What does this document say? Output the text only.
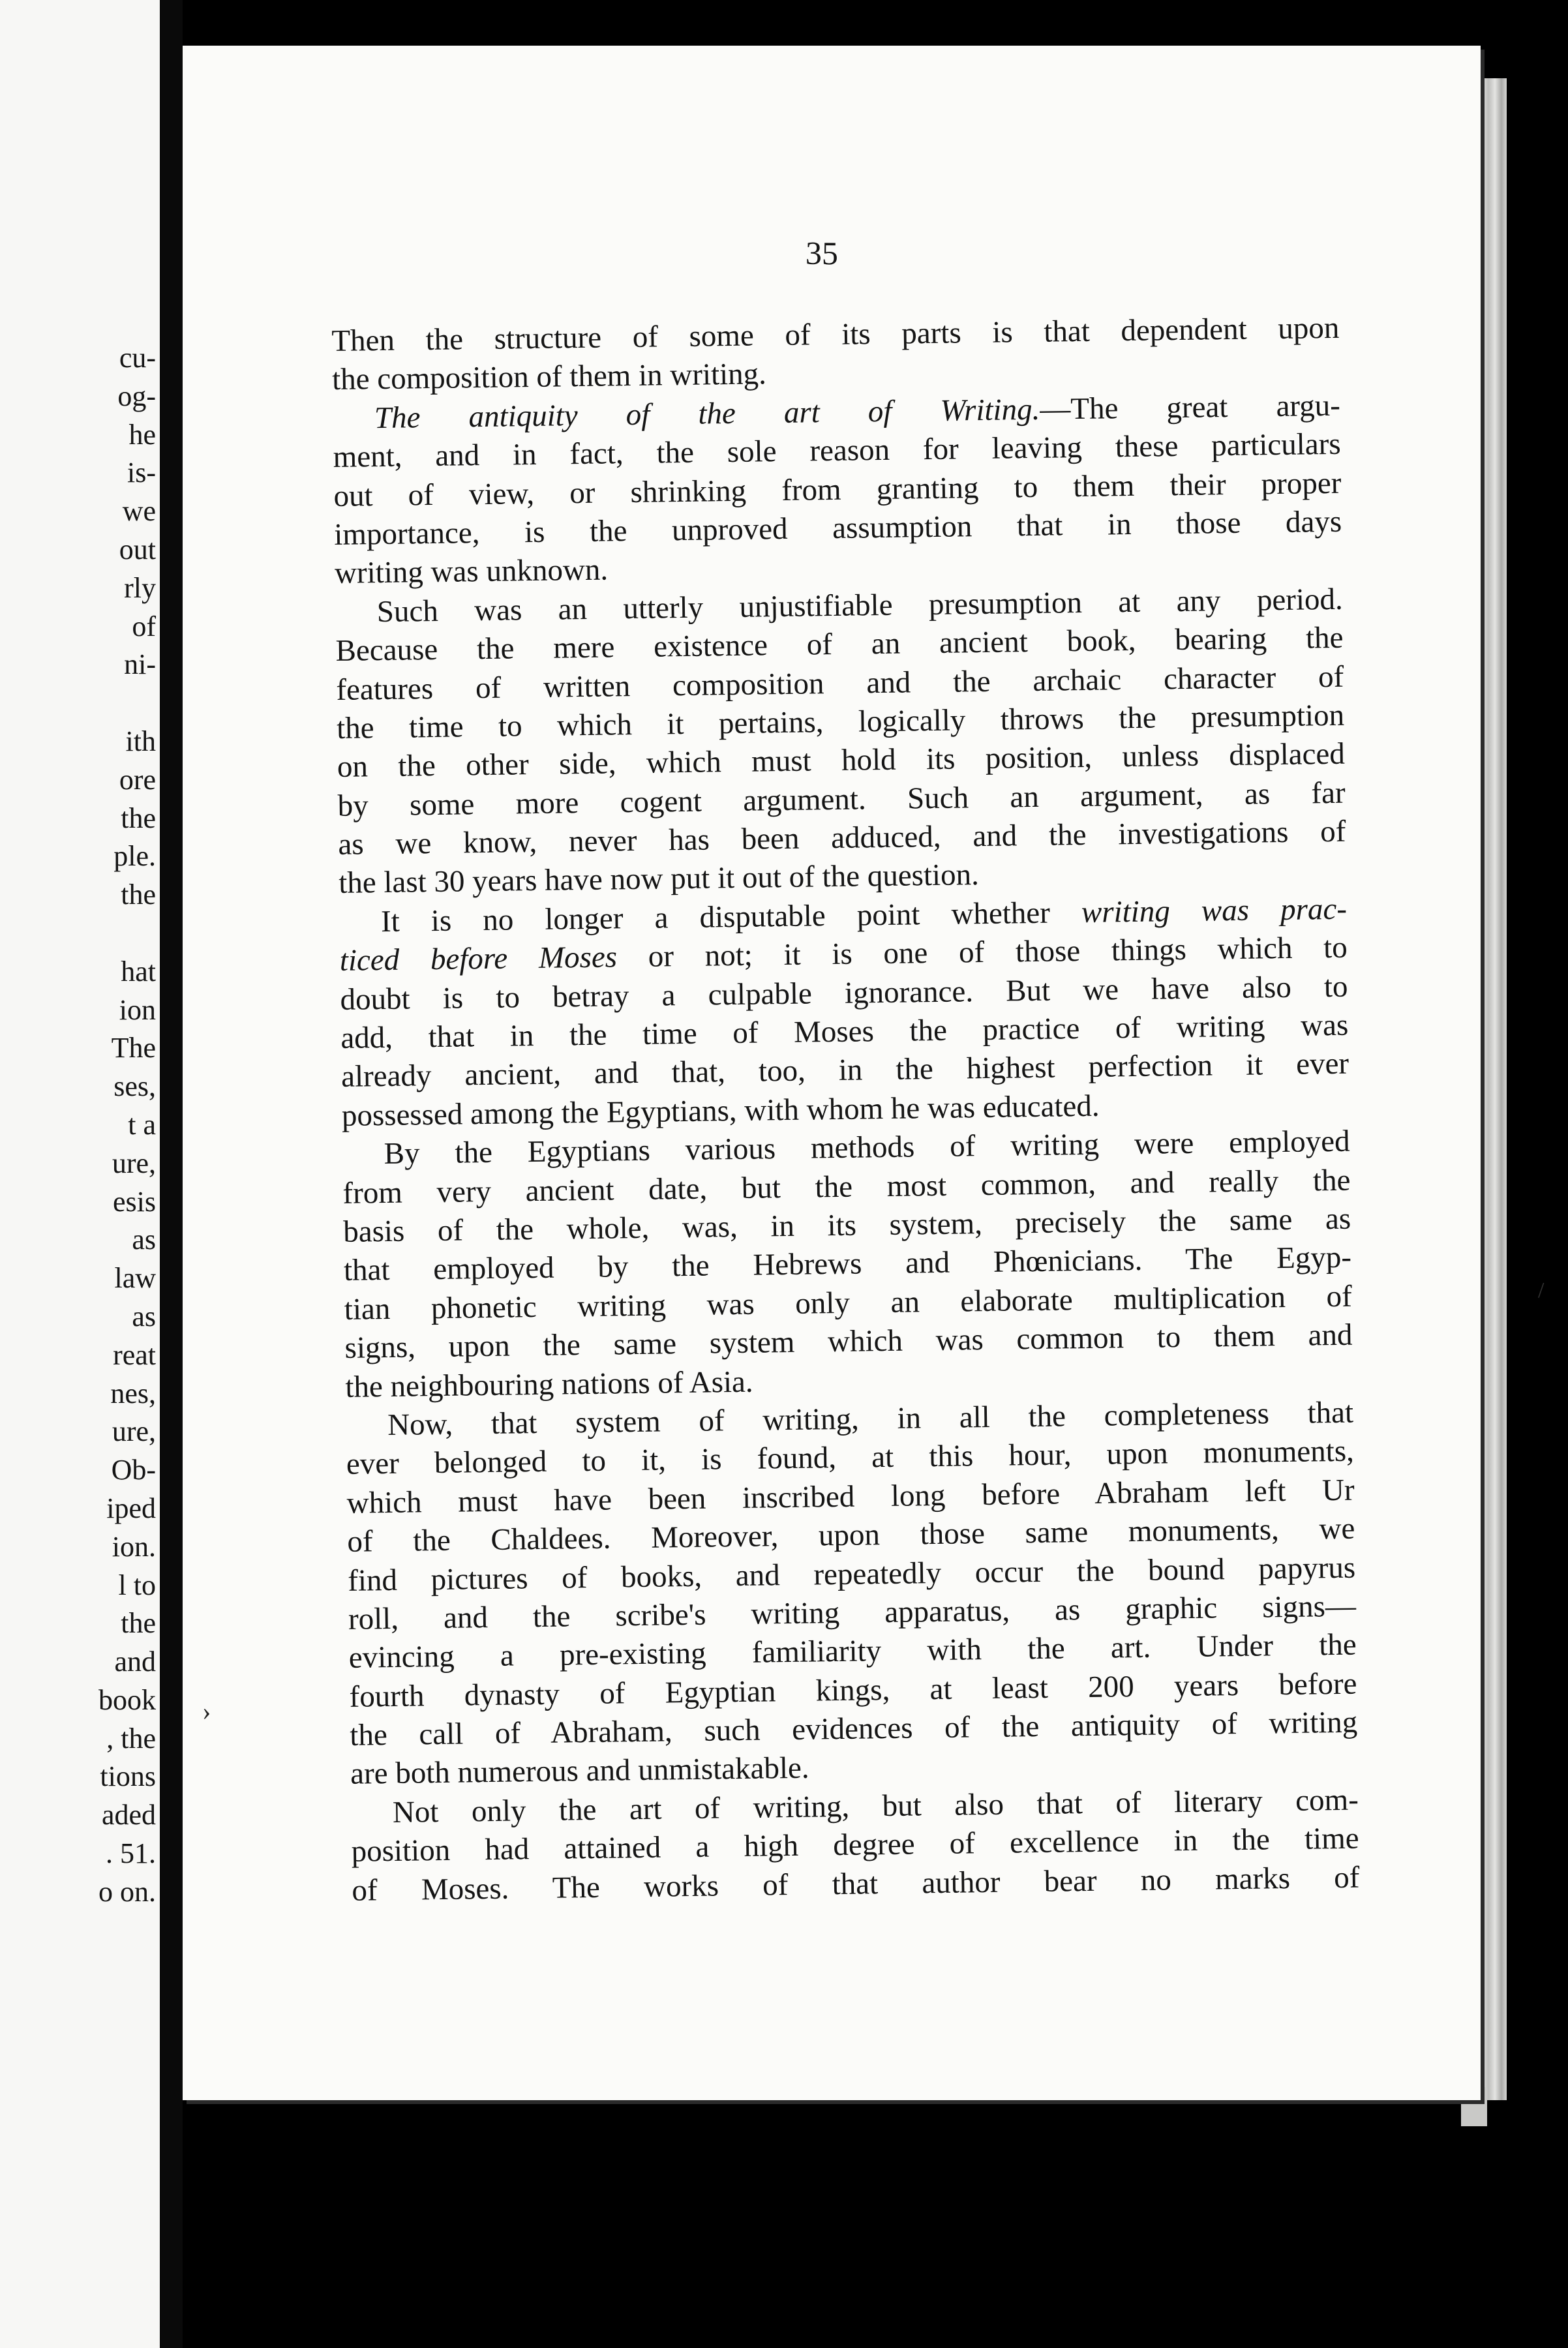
cu-
og-
he
is-
we
out
rly
of
ni-
ith
ore
the
ple.
the
hat
ion
The
ses,
t a
ure,
esis
as
law
as
reat
nes,
ure,
Ob-
iped
ion.
l to
the
and
book
, the
tions
aded
. 51.
o on.
35

Then the structure of some of its parts is that dependent upon
the composition of them in writing.

The antiquity of the art of Writing.—The great argu-
ment, and in fact, the sole reason for leaving these particulars
out of view, or shrinking from granting to them their proper
importance, is the unproved assumption that in those days
writing was unknown.

Such was an utterly unjustifiable presumption at any period.
Because the mere existence of an ancient book, bearing the
features of written composition and the archaic character of
the time to which it pertains, logically throws the presumption
on the other side, which must hold its position, unless displaced
by some more cogent argument. Such an argument, as far
as we know, never has been adduced, and the investigations of
the last 30 years have now put it out of the question.

It is no longer a disputable point whether writing was prac-
ticed before Moses or not; it is one of those things which to
doubt is to betray a culpable ignorance. But we have also to
add, that in the time of Moses the practice of writing was
already ancient, and that, too, in the highest perfection it ever
possessed among the Egyptians, with whom he was educated.

By the Egyptians various methods of writing were employed
from very ancient date, but the most common, and really the
basis of the whole, was, in its system, precisely the same as
that employed by the Hebrews and Phœnicians. The Egyp-
tian phonetic writing was only an elaborate multiplication of
signs, upon the same system which was common to them and
the neighbouring nations of Asia.

Now, that system of writing, in all the completeness that
ever belonged to it, is found, at this hour, upon monuments,
which must have been inscribed long before Abraham left Ur
of the Chaldees. Moreover, upon those same monuments, we
find pictures of books, and repeatedly occur the bound papyrus
roll, and the scribe's writing apparatus, as graphic signs—
evincing a pre-existing familiarity with the art. Under the
fourth dynasty of Egyptian kings, at least 200 years before
the call of Abraham, such evidences of the antiquity of writing
are both numerous and unmistakable.

Not only the art of writing, but also that of literary com-
position had attained a high degree of excellence in the time
of Moses. The works of that author bear no marks of

›
/
